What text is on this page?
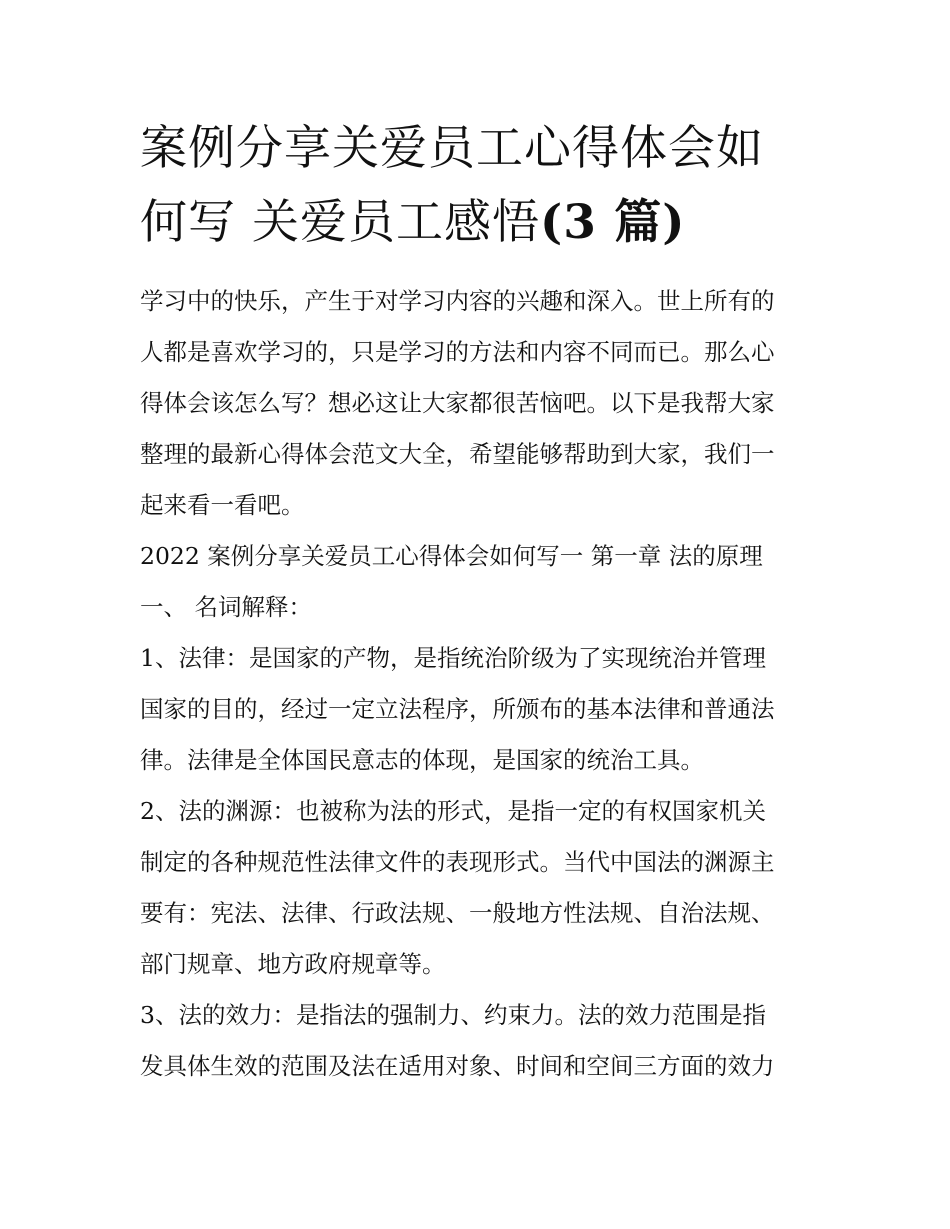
案例分享关爱员工心得体会如
何写 关爱员工感悟(3 篇)
学习中的快乐，产生于对学习内容的兴趣和深入。世上所有的
人都是喜欢学习的，只是学习的方法和内容不同而已。那么心
得体会该怎么写？想必这让大家都很苦恼吧。以下是我帮大家
整理的最新心得体会范文大全，希望能够帮助到大家，我们一
起来看一看吧。
2022 案例分享关爱员工心得体会如何写一 第一章 法的原理
一、 名词解释：
1、法律：是国家的产物，是指统治阶级为了实现统治并管理
国家的目的，经过一定立法程序，所颁布的基本法律和普通法
律。法律是全体国民意志的体现，是国家的统治工具。
2、法的渊源：也被称为法的形式，是指一定的有权国家机关
制定的各种规范性法律文件的表现形式。当代中国法的渊源主
要有：宪法、法律、行政法规、一般地方性法规、自治法规、
部门规章、地方政府规章等。
3、法的效力：是指法的强制力、约束力。法的效力范围是指
发具体生效的范围及法在适用对象、时间和空间三方面的效力
